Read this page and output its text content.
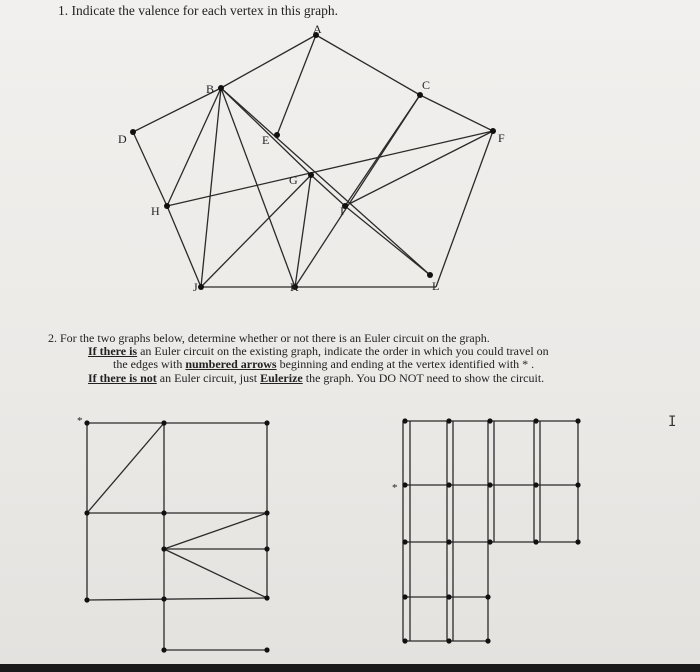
1. Indicate the valence for each vertex in this graph.
A
B	C
D	E	F
G
H	I
J	K	L
*
*
2. For the two graphs below, determine whether or not there is an Euler circuit on the graph.
If there is an Euler circuit on the existing graph, indicate the order in which you could travel on
the edges with numbered arrows beginning and ending at the vertex identified with * .
If there is not an Euler circuit, just Eulerize the graph. You DO NOT need to show the circuit.
I
